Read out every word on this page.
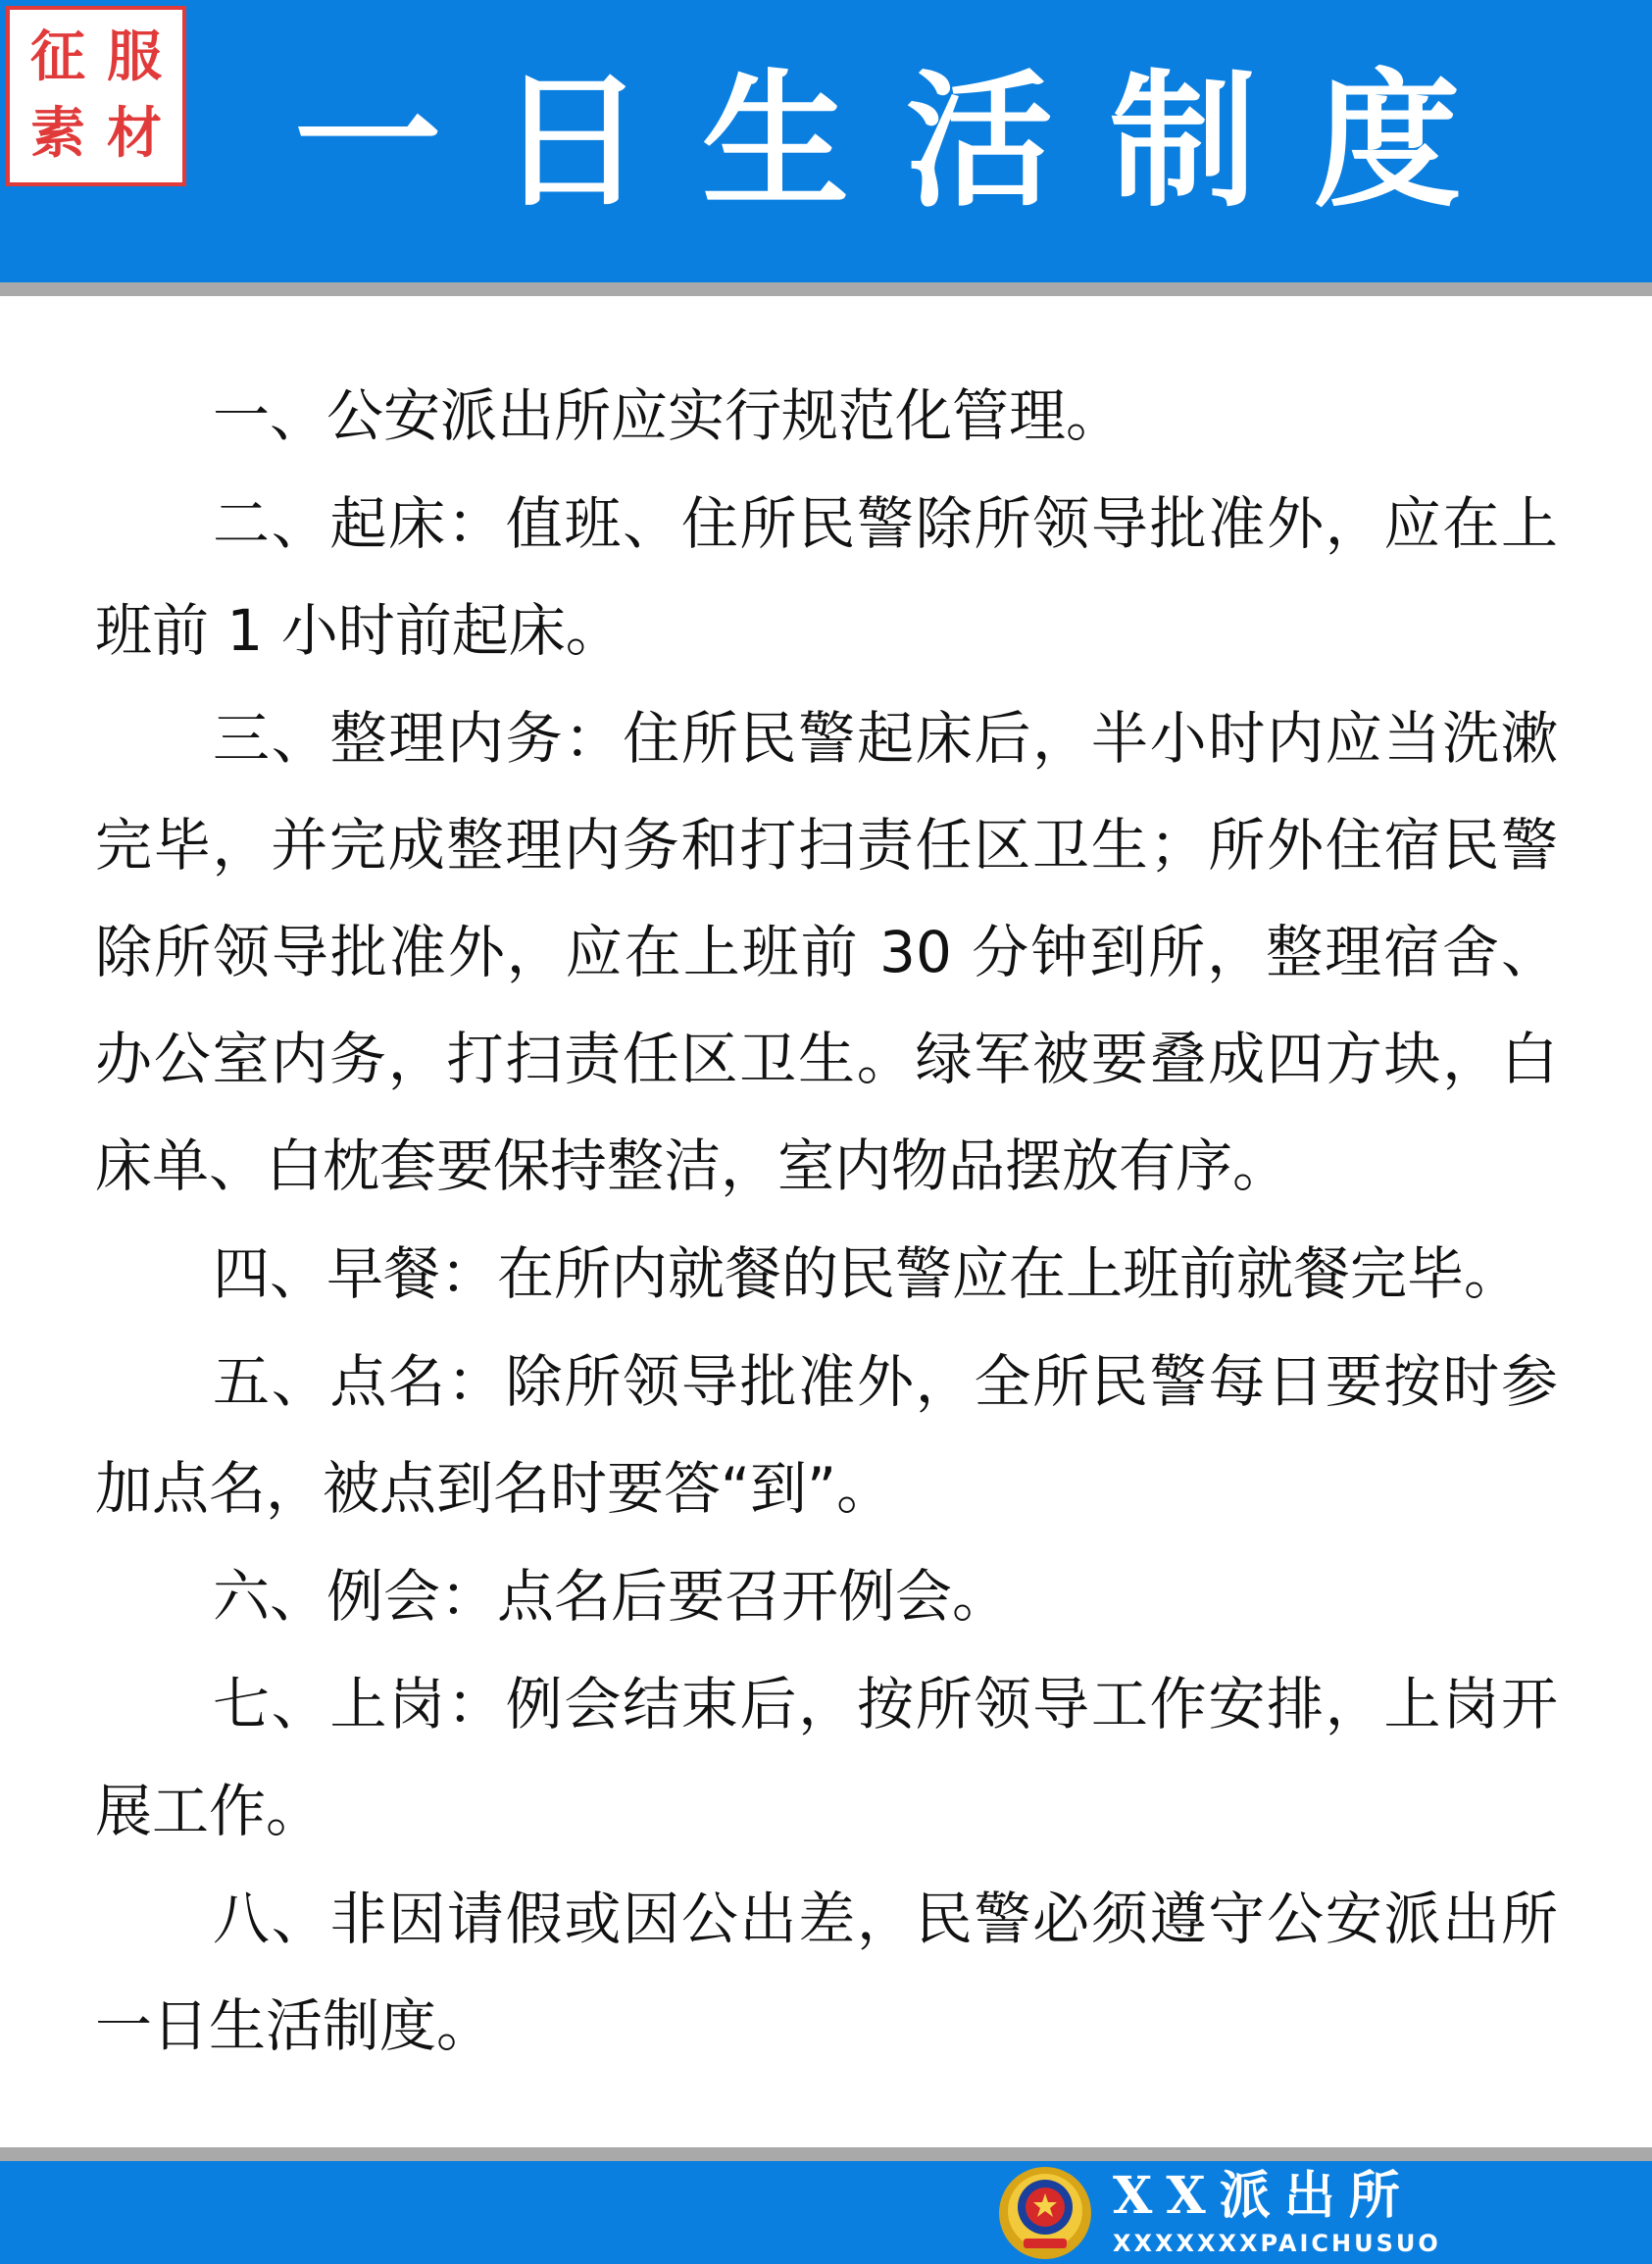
征 服
素 材 一日生活制度

一、公安派出所应实行规范化管理。

二、起床：值班、住所民警除所领导批准外，应在上班前 1 小时前起床。

三、整理内务：住所民警起床后，半小时内应当洗漱完毕，并完成整理内务和打扫责任区卫生；所外住宿民警除所领导批准外，应在上班前 30 分钟到所，整理宿舍、办公室内务，打扫责任区卫生。绿军被要叠成四方块，白床单、白枕套要保持整洁，室内物品摆放有序。

四、早餐：在所内就餐的民警应在上班前就餐完毕。

五、点名：除所领导批准外，全所民警每日要按时参加点名，被点到名时要答“到”。

六、例会：点名后要召开例会。

七、上岗：例会结束后，按所领导工作安排，上岗开展工作。

八、非因请假或因公出差，民警必须遵守公安派出所一日生活制度。

XX派出所
XXXXXXXPAICHUSUO
